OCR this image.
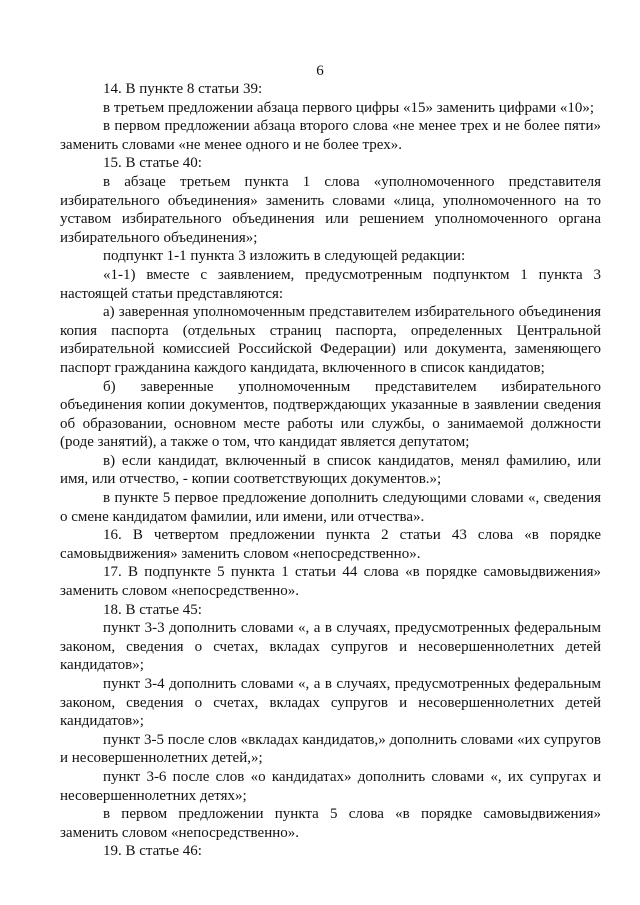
6

14. В пункте 8 статьи 39:

в третьем предложении абзаца первого цифры «15» заменить цифрами «10»;

в первом предложении абзаца второго слова «не менее трех и не более пяти» заменить словами «не менее одного и не более трех».

15. В статье 40:

в абзаце третьем пункта 1 слова «уполномоченного представителя избирательного объединения» заменить словами «лица, уполномоченного на то уставом избирательного объединения или решением уполномоченного органа избирательного объединения»;

подпункт 1-1 пункта 3 изложить в следующей редакции:

«1-1) вместе с заявлением, предусмотренным подпунктом 1 пункта 3 настоящей статьи представляются:

а) заверенная уполномоченным представителем избирательного объединения копия паспорта (отдельных страниц паспорта, определенных Центральной избирательной комиссией Российской Федерации) или документа, заменяющего паспорт гражданина каждого кандидата, включенного в список кандидатов;

б) заверенные уполномоченным представителем избирательного объединения копии документов, подтверждающих указанные в заявлении сведения об образовании, основном месте работы или службы, о занимаемой должности (роде занятий), а также о том, что кандидат является депутатом;

в) если кандидат, включенный в список кандидатов, менял фамилию, или имя, или отчество, - копии соответствующих документов.»;

в пункте 5 первое предложение дополнить следующими словами «, сведения о смене кандидатом фамилии, или имени, или отчества».

16. В четвертом предложении пункта 2 статьи 43 слова «в порядке самовыдвижения» заменить словом «непосредственно».

17. В подпункте 5 пункта 1 статьи 44 слова «в порядке самовыдвижения» заменить словом «непосредственно».

18. В статье 45:

пункт 3-3 дополнить словами «, а в случаях, предусмотренных федеральным законом, сведения о счетах, вкладах супругов и несовершеннолетних детей кандидатов»;

пункт 3-4 дополнить словами «, а в случаях, предусмотренных федеральным законом, сведения о счетах, вкладах супругов и несовершеннолетних детей кандидатов»;

пункт 3-5 после слов «вкладах кандидатов,» дополнить словами «их супругов и несовершеннолетних детей,»;

пункт 3-6 после слов «о кандидатах» дополнить словами «, их супругах и несовершеннолетних детях»;

в первом предложении пункта 5 слова «в порядке самовыдвижения» заменить словом «непосредственно».

19. В статье 46:
